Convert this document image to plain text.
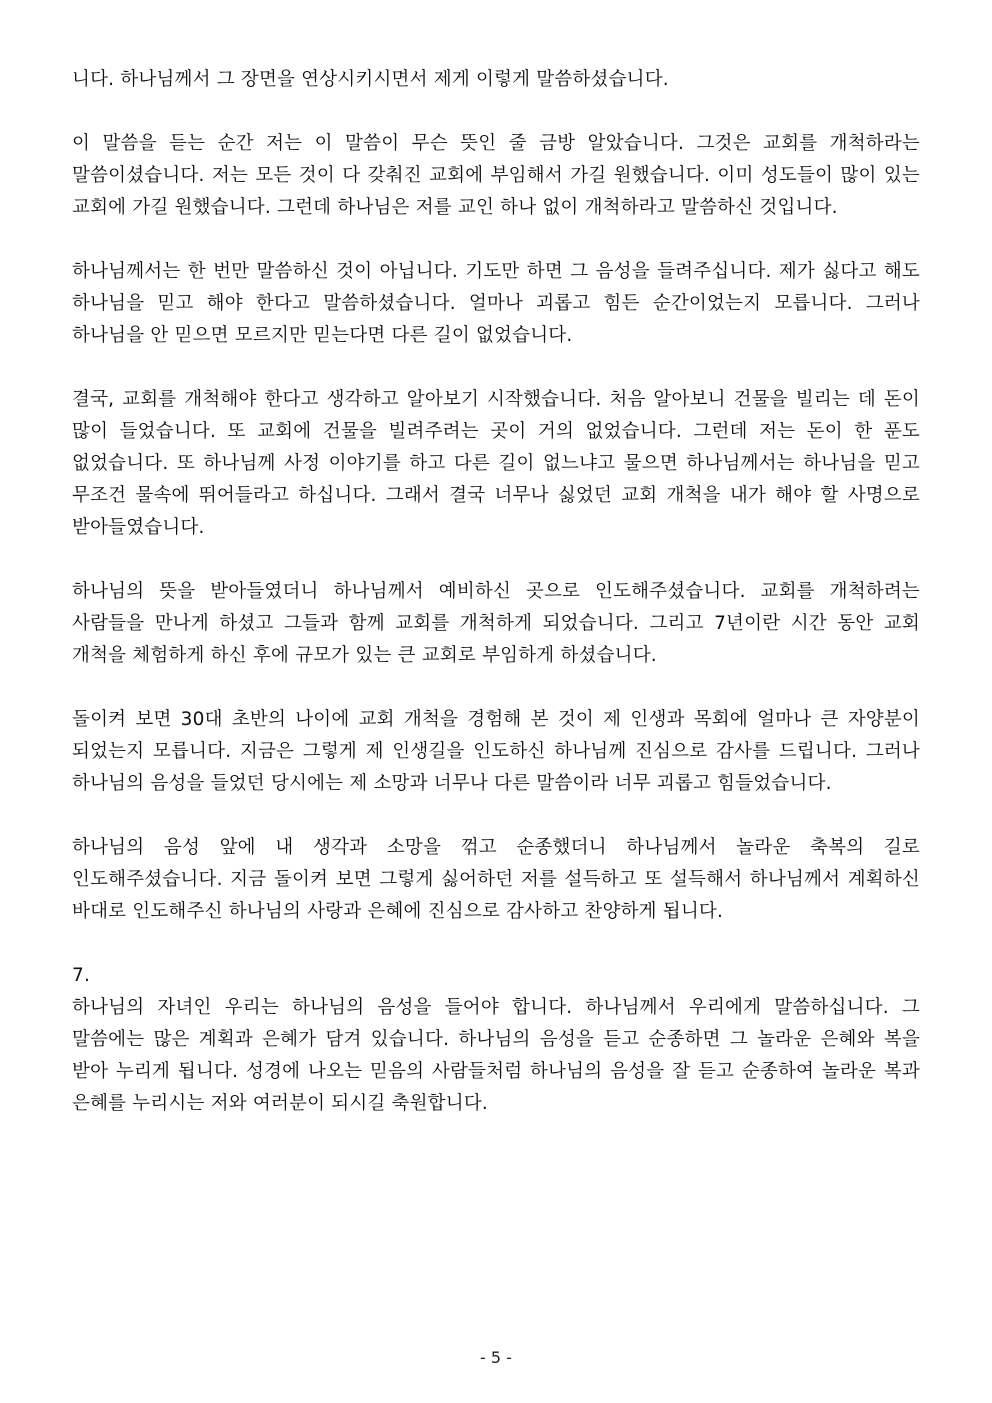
니다. 하나님께서 그 장면을 연상시키시면서 제게 이렇게 말씀하셨습니다.

이 말씀을 듣는 순간 저는 이 말씀이 무슨 뜻인 줄 금방 알았습니다. 그것은 교회를 개척하라는 말씀이셨습니다. 저는 모든 것이 다 갖춰진 교회에 부임해서 가길 원했습니다. 이미 성도들이 많이 있는 교회에 가길 원했습니다. 그런데 하나님은 저를 교인 하나 없이 개척하라고 말씀하신 것입니다.

하나님께서는 한 번만 말씀하신 것이 아닙니다. 기도만 하면 그 음성을 들려주십니다. 제가 싫다고 해도 하나님을 믿고 해야 한다고 말씀하셨습니다. 얼마나 괴롭고 힘든 순간이었는지 모릅니다. 그러나 하나님을 안 믿으면 모르지만 믿는다면 다른 길이 없었습니다.

결국, 교회를 개척해야 한다고 생각하고 알아보기 시작했습니다. 처음 알아보니 건물을 빌리는 데 돈이 많이 들었습니다. 또 교회에 건물을 빌려주려는 곳이 거의 없었습니다. 그런데 저는 돈이 한 푼도 없었습니다. 또 하나님께 사정 이야기를 하고 다른 길이 없느냐고 물으면 하나님께서는 하나님을 믿고 무조건 물속에 뛰어들라고 하십니다. 그래서 결국 너무나 싫었던 교회 개척을 내가 해야 할 사명으로 받아들였습니다.

하나님의 뜻을 받아들였더니 하나님께서 예비하신 곳으로 인도해주셨습니다. 교회를 개척하려는 사람들을 만나게 하셨고 그들과 함께 교회를 개척하게 되었습니다. 그리고 7년이란 시간 동안 교회 개척을 체험하게 하신 후에 규모가 있는 큰 교회로 부임하게 하셨습니다.

돌이켜 보면 30대 초반의 나이에 교회 개척을 경험해 본 것이 제 인생과 목회에 얼마나 큰 자양분이 되었는지 모릅니다. 지금은 그렇게 제 인생길을 인도하신 하나님께 진심으로 감사를 드립니다. 그러나 하나님의 음성을 들었던 당시에는 제 소망과 너무나 다른 말씀이라 너무 괴롭고 힘들었습니다.

하나님의 음성 앞에 내 생각과 소망을 꺾고 순종했더니 하나님께서 놀라운 축복의 길로 인도해주셨습니다. 지금 돌이켜 보면 그렇게 싫어하던 저를 설득하고 또 설득해서 하나님께서 계획하신 바대로 인도해주신 하나님의 사랑과 은혜에 진심으로 감사하고 찬양하게 됩니다.

7.

하나님의 자녀인 우리는 하나님의 음성을 들어야 합니다. 하나님께서 우리에게 말씀하십니다. 그 말씀에는 많은 계획과 은혜가 담겨 있습니다. 하나님의 음성을 듣고 순종하면 그 놀라운 은혜와 복을 받아 누리게 됩니다. 성경에 나오는 믿음의 사람들처럼 하나님의 음성을 잘 듣고 순종하여 놀라운 복과 은혜를 누리시는 저와 여러분이 되시길 축원합니다.

- 5 -
